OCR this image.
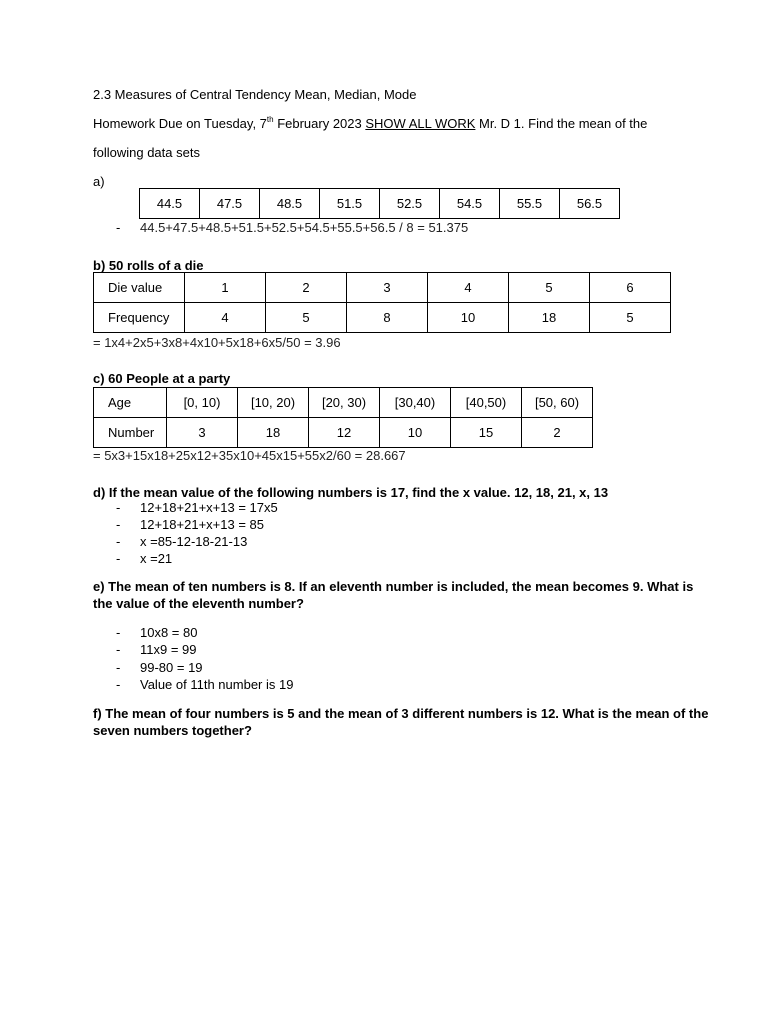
2.3 Measures of Central Tendency Mean, Median, Mode
Homework Due on Tuesday, 7th February 2023 SHOW ALL WORK Mr. D 1. Find the mean of the
following data sets
a)
44.5	47.5	48.5	51.5	52.5	54.5	55.5	56.5
- 44.5+47.5+48.5+51.5+52.5+54.5+55.5+56.5 / 8 = 51.375
b) 50 rolls of a die
Die value	1	2	3	4	5	6
Frequency	4	5	8	10	18	5
= 1x4+2x5+3x8+4x10+5x18+6x5/50 = 3.96
c) 60 People at a party
Age	[0, 10)	[10, 20)	[20, 30)	[30,40)	[40,50)	[50, 60)
Number	3	18	12	10	15	2
= 5x3+15x18+25x12+35x10+45x15+55x2/60 = 28.667
d) If the mean value of the following numbers is 17, find the x value. 12, 18, 21, x, 13
- 12+18+21+x+13 = 17x5
- 12+18+21+x+13 = 85
- x =85-12-18-21-13
- x =21
e) The mean of ten numbers is 8. If an eleventh number is included, the mean becomes 9. What is
the value of the eleventh number?
- 10x8 = 80
- 11x9 = 99
- 99-80 = 19
- Value of 11th number is 19
f) The mean of four numbers is 5 and the mean of 3 different numbers is 12. What is the mean of the
seven numbers together?
